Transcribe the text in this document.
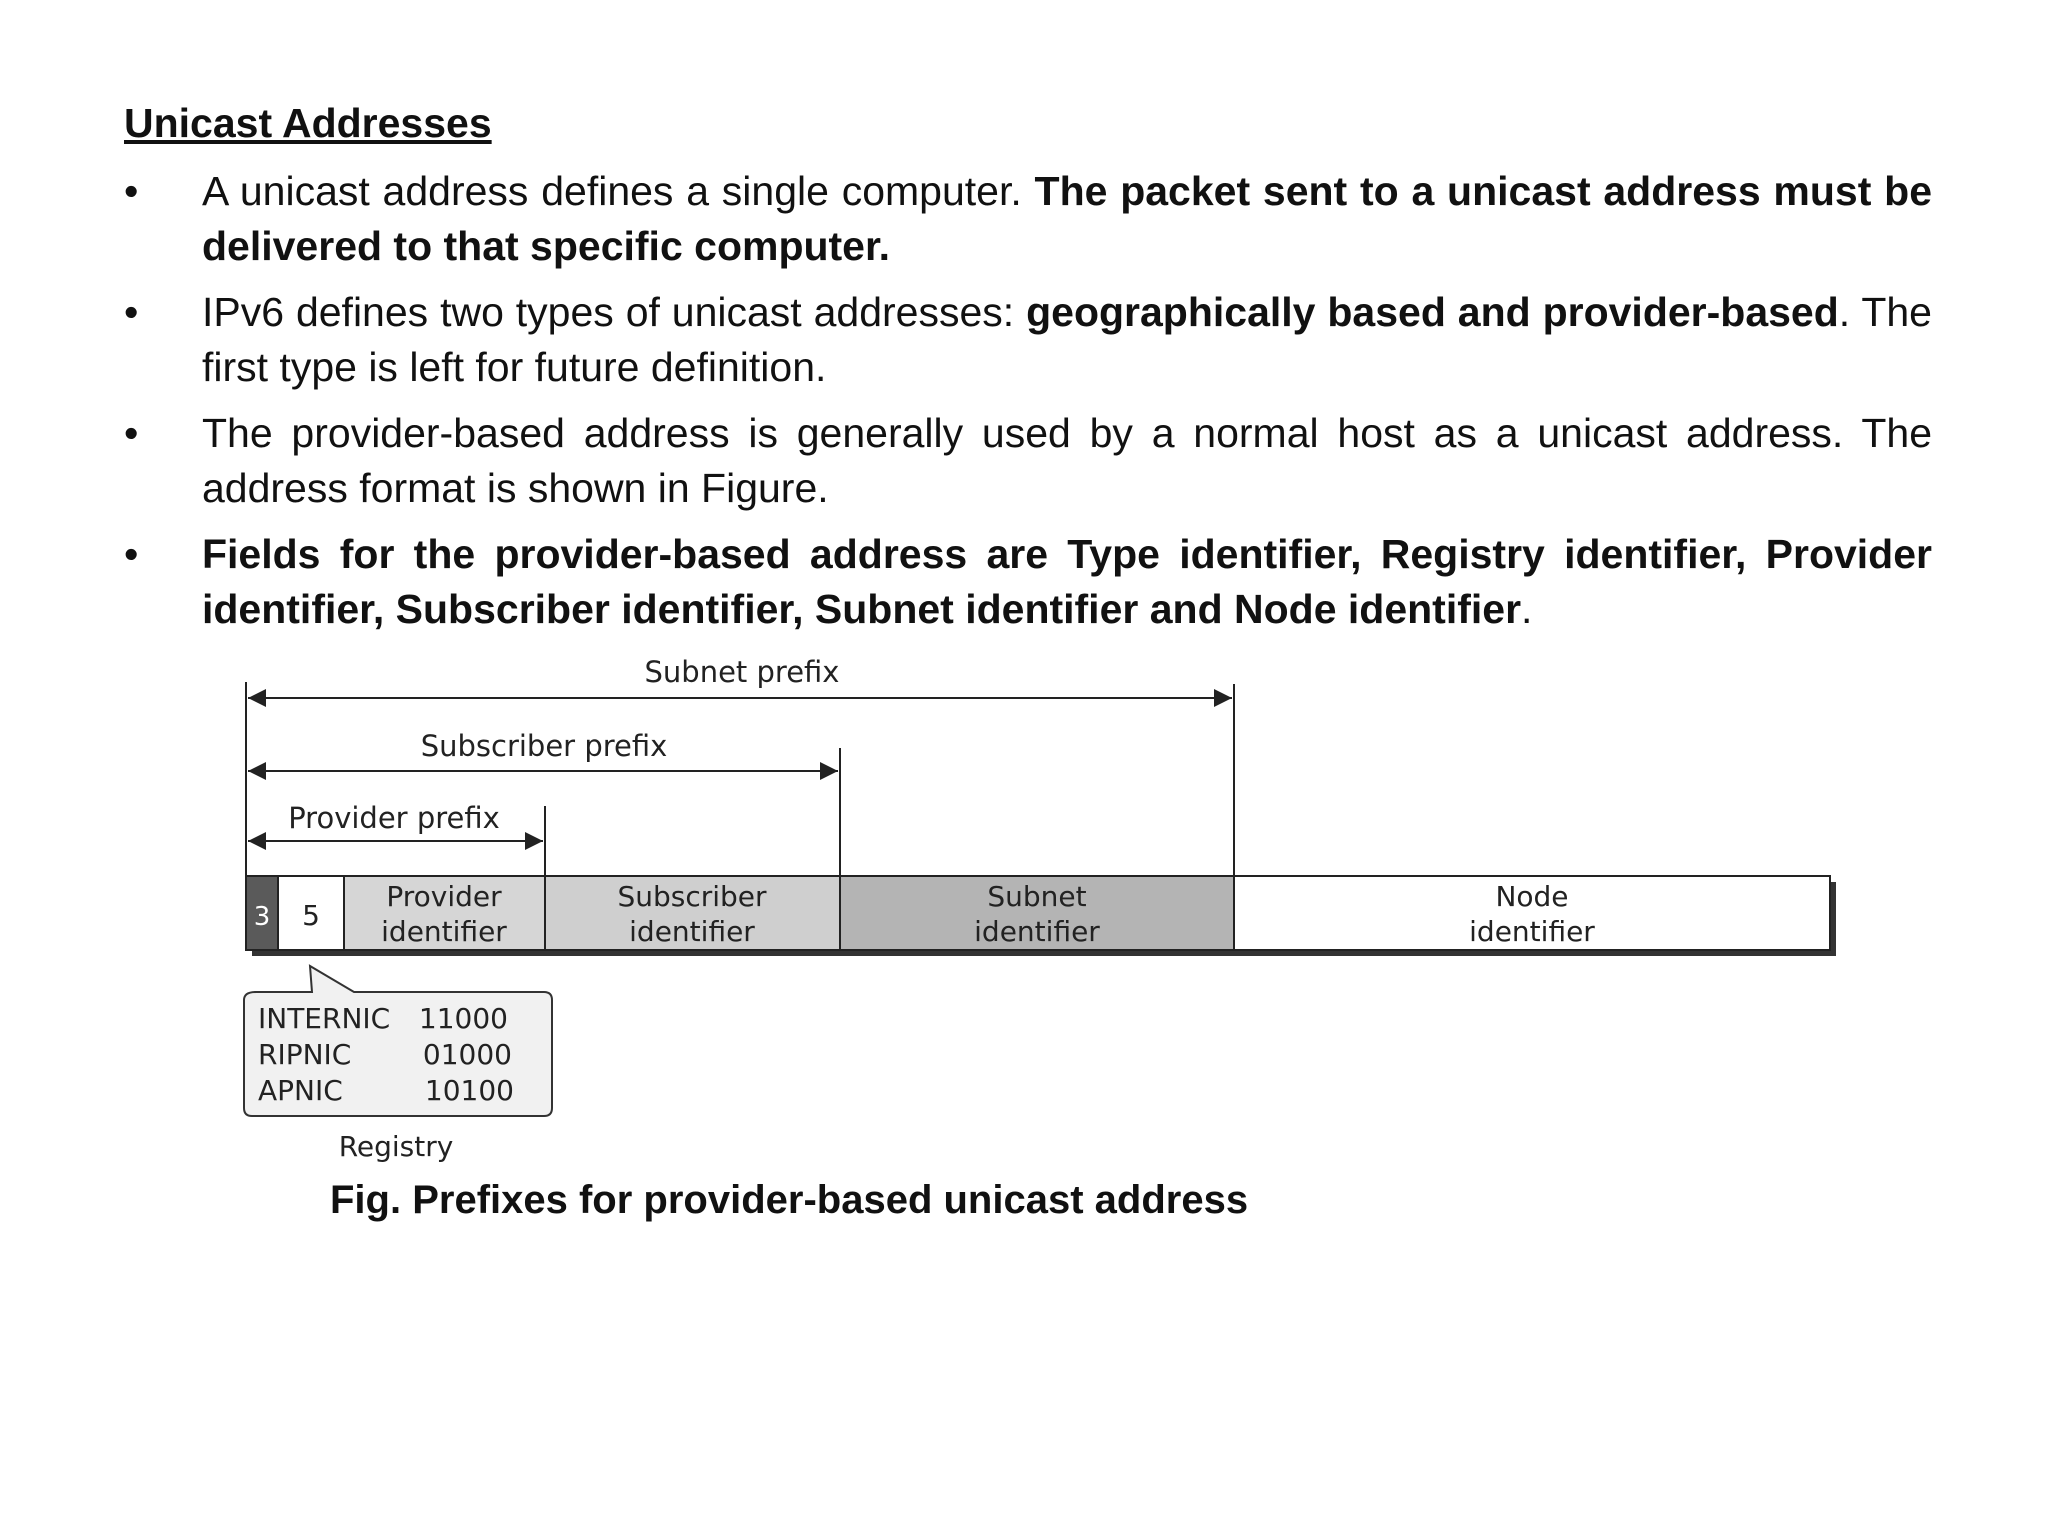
Unicast Addresses
• A unicast address defines a single computer. The packet sent to a unicast address must be delivered to that specific computer.
• IPv6 defines two types of unicast addresses: geographically based and provider-based. The first type is left for future definition.
• The provider-based address is generally used by a normal host as a unicast address. The address format is shown in Figure.
• Fields for the provider-based address are Type identifier, Registry identifier, Provider identifier, Subscriber identifier, Subnet identifier and Node identifier.
Subnet prefix
Subscriber prefix
Provider prefix
3 5
Provider
identifier
Subscriber
identifier
Subnet
identifier
Node
identifier
INTERNIC 11000
RIPNIC	01000
APNIC	10100
Registry

Fig. Prefixes for provider-based unicast address
